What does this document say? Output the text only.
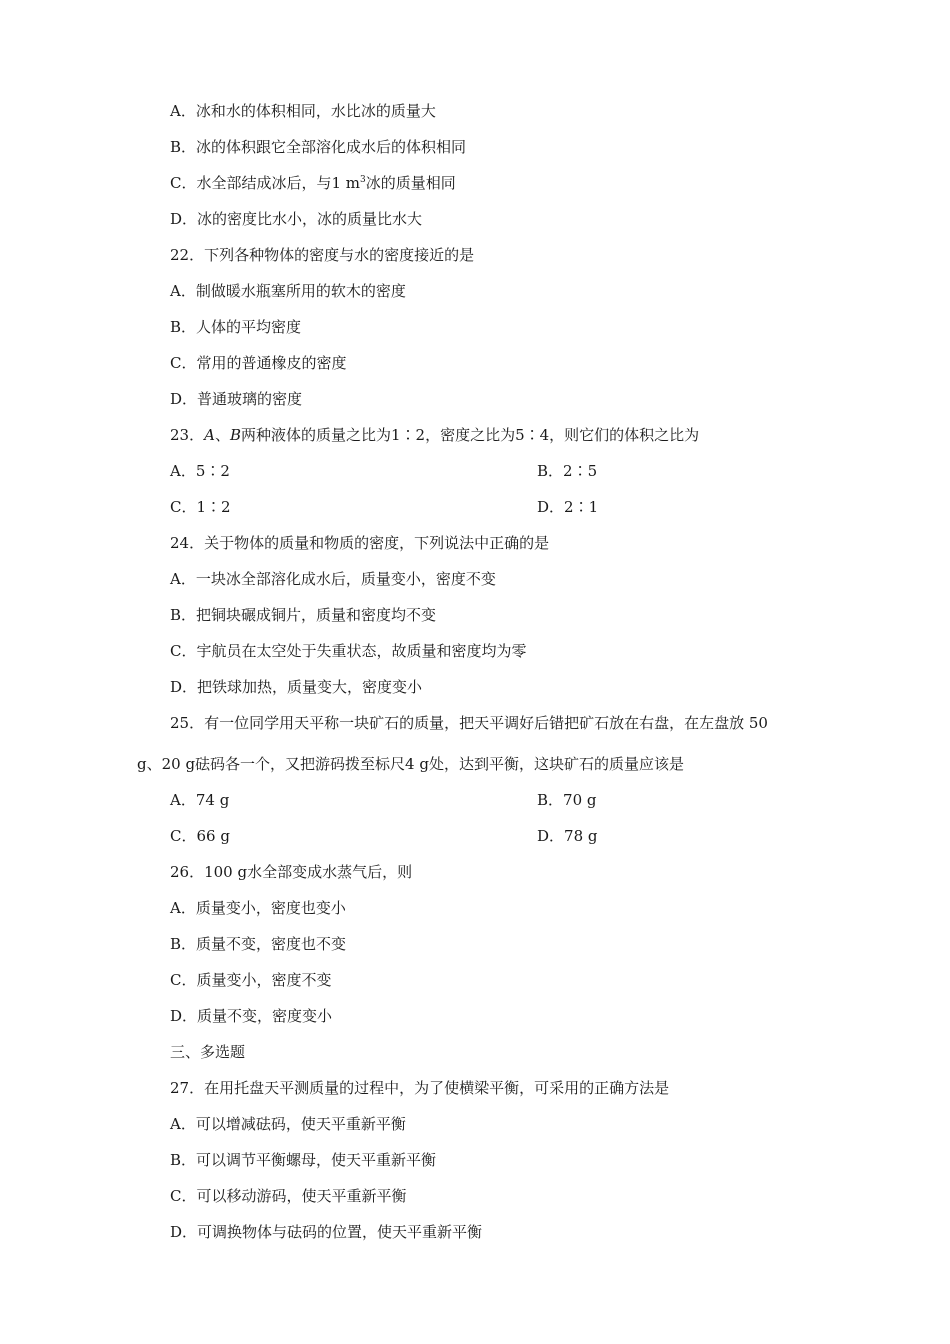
A．冰和水的体积相同，水比冰的质量大
B．冰的体积跟它全部溶化成水后的体积相同
C．水全部结成冰后，与1 $m^3$冰的质量相同
D．冰的密度比水小，冰的质量比水大
22．下列各种物体的密度与水的密度接近的是
A．制做暖水瓶塞所用的软木的密度
B．人体的平均密度
C．常用的普通橡皮的密度
D．普通玻璃的密度
23．A、B两种液体的质量之比为1∶2，密度之比为5∶4，则它们的体积之比为
A．5∶2	B．2∶5
C．1∶2	D．2∶1
24．关于物体的质量和物质的密度，下列说法中正确的是
A．一块冰全部溶化成水后，质量变小，密度不变
B．把铜块碾成铜片，质量和密度均不变
C．宇航员在太空处于失重状态，故质量和密度均为零
D．把铁球加热，质量变大，密度变小
25．有一位同学用天平称一块矿石的质量，把天平调好后错把矿石放在右盘，在左盘放 50
g、20 g砝码各一个，又把游码拨至标尺4 g处，达到平衡，这块矿石的质量应该是
A．74 g	B．70 g
C．66 g	D．78 g
26．100 g水全部变成水蒸气后，则
A．质量变小，密度也变小
B．质量不变，密度也不变
C．质量变小，密度不变
D．质量不变，密度变小
三、多选题
27．在用托盘天平测质量的过程中，为了使横梁平衡，可采用的正确方法是
A．可以增减砝码，使天平重新平衡
B．可以调节平衡螺母，使天平重新平衡
C．可以移动游码，使天平重新平衡
D．可调换物体与砝码的位置，使天平重新平衡
